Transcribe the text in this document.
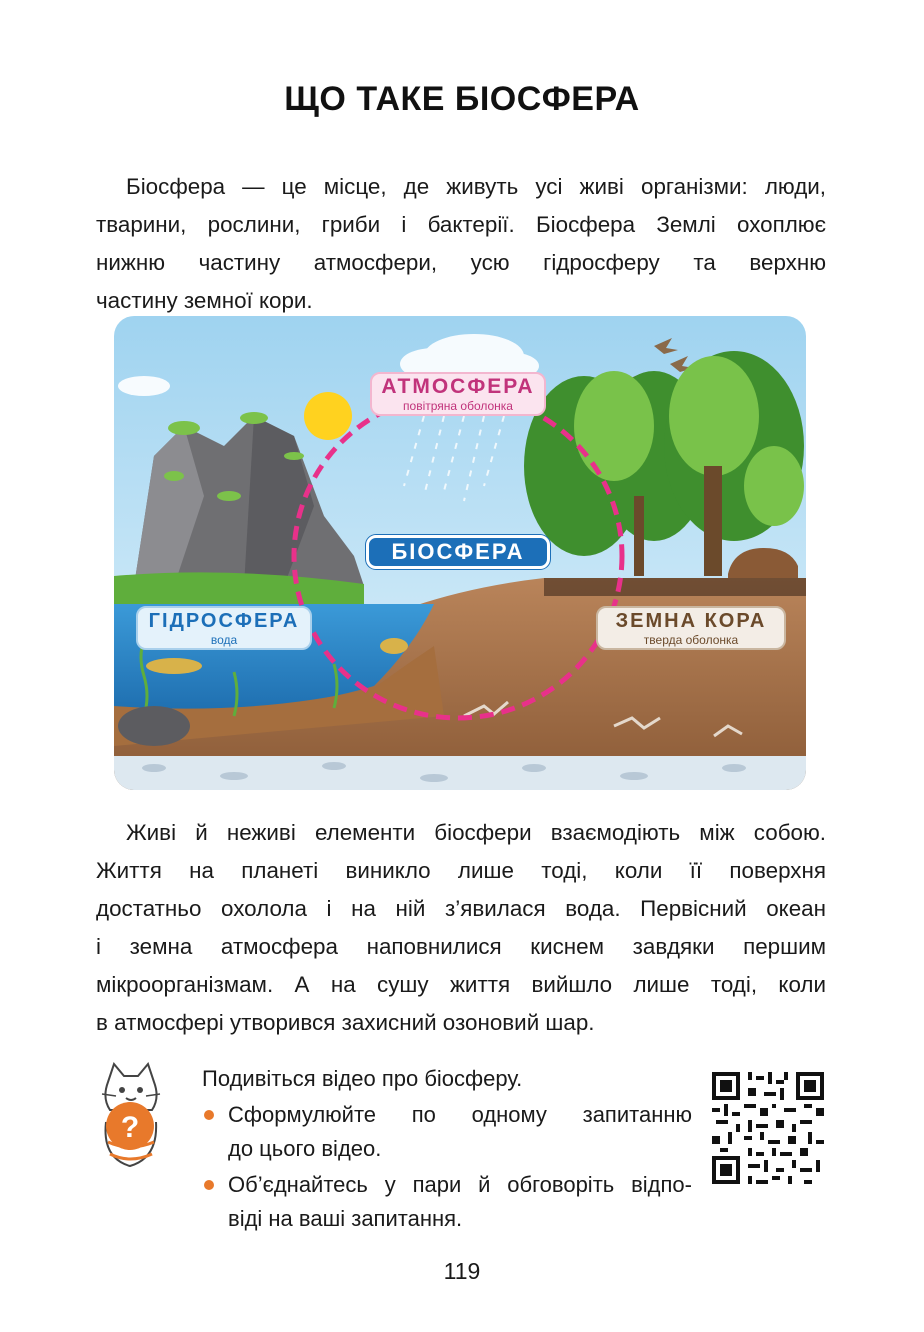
ЩО ТАКЕ БІОСФЕРА
Біосфера — це місце, де живуть усі живі організми: люди,
тварини, рослини, гриби і бактерії. Біосфера Землі охоплює
нижню частину атмосфери, усю гідросферу та верхню
частину земної кори.
АТМОСФЕРА
повітряна оболонка
БІОСФЕРА
ГІДРОСФЕРА
вода
ЗЕМНА КОРА
тверда оболонка
Живі й неживі елементи біосфери взаємодіють між собою.
Життя на планеті виникло лише тоді, коли її поверхня
достатньо охолола і на ній з’явилася вода. Первісний океан
і земна атмосфера наповнилися киснем завдяки першим
мікроорганізмам. А на сушу життя вийшло лише тоді, коли
в атмосфері утворився захисний озоновий шар.
?
Подивіться відео про біосферу.
Сформулюйте по одному запитанню
до цього відео.
Об’єднайтесь у пари й обговоріть відпо-
віді на ваші запитання.
119
